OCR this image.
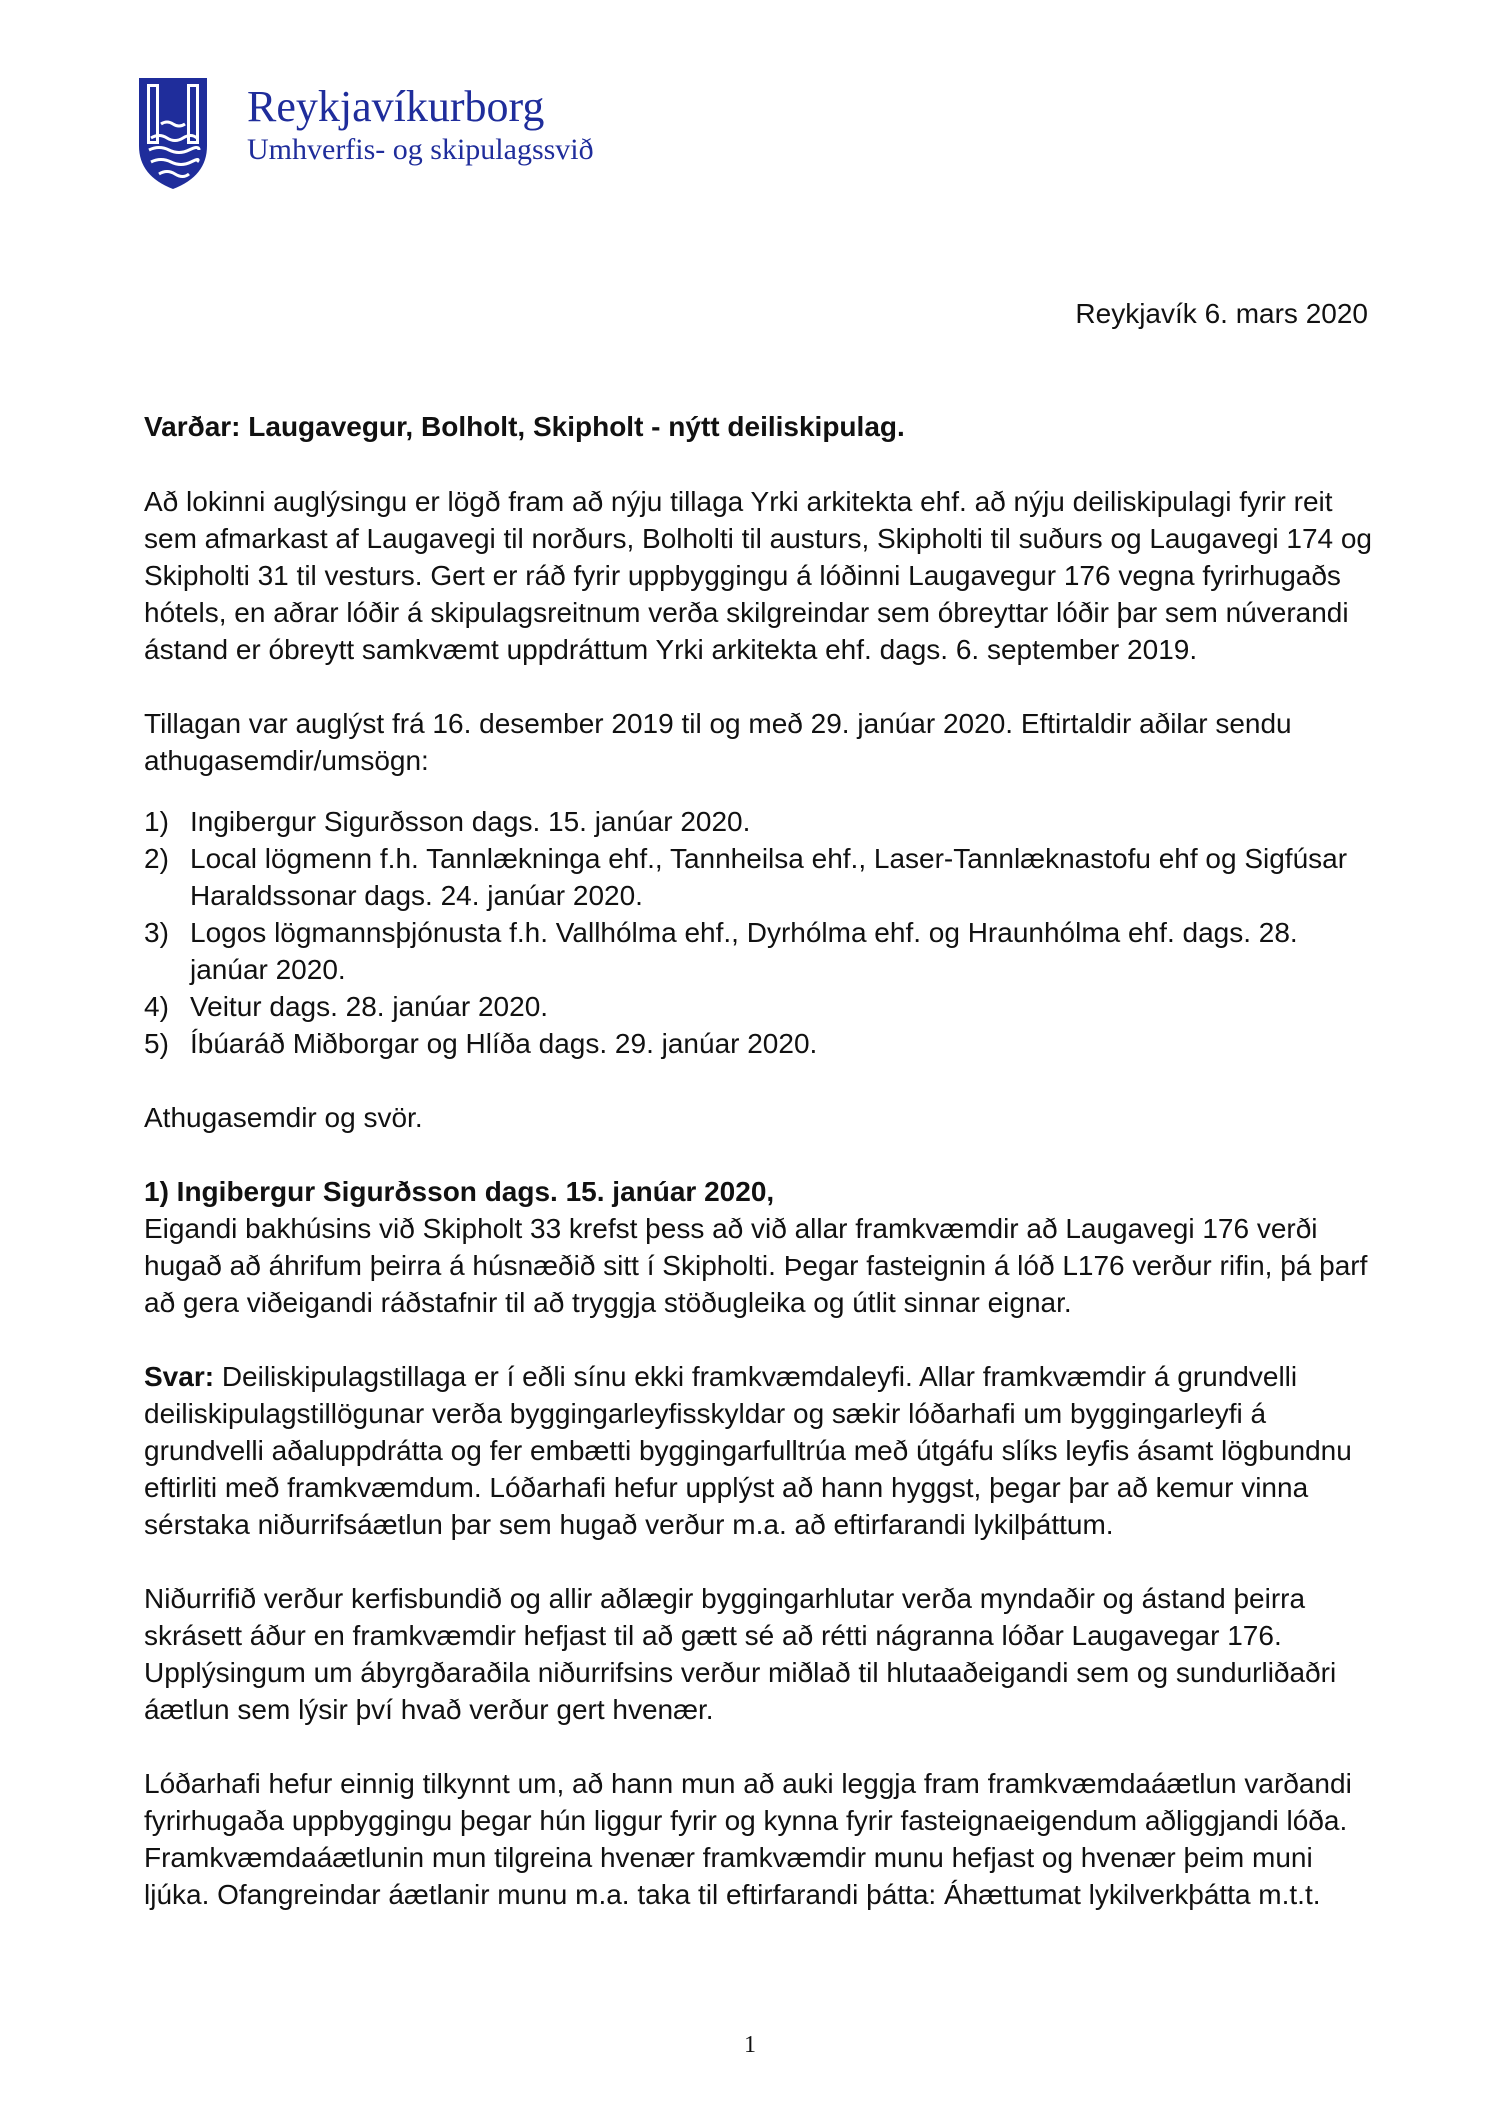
Reykjavíkurborg
Umhverfis- og skipulagssvið
Reykjavík 6. mars 2020

Varðar: Laugavegur, Bolholt, Skipholt - nýtt deiliskipulag.

Að lokinni auglýsingu er lögð fram að nýju tillaga Yrki arkitekta ehf. að nýju deiliskipulagi fyrir reit sem afmarkast af Laugavegi til norðurs, Bolholti til austurs, Skipholti til suðurs og Laugavegi 174 og Skipholti 31 til vesturs. Gert er ráð fyrir uppbyggingu á lóðinni Laugavegur 176 vegna fyrirhugaðs hótels, en aðrar lóðir á skipulagsreitnum verða skilgreindar sem óbreyttar lóðir þar sem núverandi ástand er óbreytt samkvæmt uppdráttum Yrki arkitekta ehf. dags. 6. september 2019.

Tillagan var auglýst frá 16. desember 2019 til og með 29. janúar 2020. Eftirtaldir aðilar sendu athugasemdir/umsögn:

1) Ingibergur Sigurðsson dags. 15. janúar 2020.
2) Local lögmenn f.h. Tannlækninga ehf., Tannheilsa ehf., Laser-Tannlæknastofu ehf og Sigfúsar Haraldssonar dags. 24. janúar 2020.
3) Logos lögmannsþjónusta f.h. Vallhólma ehf., Dyrhólma ehf. og Hraunhólma ehf. dags. 28. janúar 2020.
4) Veitur dags. 28. janúar 2020.
5) Íbúaráð Miðborgar og Hlíða dags. 29. janúar 2020.

Athugasemdir og svör.

1) Ingibergur Sigurðsson dags. 15. janúar 2020,

Eigandi bakhúsins við Skipholt 33 krefst þess að við allar framkvæmdir að Laugavegi 176 verði hugað að áhrifum þeirra á húsnæðið sitt í Skipholti. Þegar fasteignin á lóð L176 verður rifin, þá þarf að gera viðeigandi ráðstafnir til að tryggja stöðugleika og útlit sinnar eignar.

Svar: Deiliskipulagstillaga er í eðli sínu ekki framkvæmdaleyfi. Allar framkvæmdir á grundvelli deiliskipulagstillögunar verða byggingarleyfisskyldar og sækir lóðarhafi um byggingarleyfi á grundvelli aðaluppdrátta og fer embætti byggingarfulltrúa með útgáfu slíks leyfis ásamt lögbundnu eftirliti með framkvæmdum. Lóðarhafi hefur upplýst að hann hyggst, þegar þar að kemur vinna sérstaka niðurrifsáætlun þar sem hugað verður m.a. að eftirfarandi lykilþáttum.

Niðurrifið verður kerfisbundið og allir aðlægir byggingarhlutar verða myndaðir og ástand þeirra skrásett áður en framkvæmdir hefjast til að gætt sé að rétti nágranna lóðar Laugavegar 176. Upplýsingum um ábyrgðaraðila niðurrifsins verður miðlað til hlutaaðeigandi sem og sundurliðaðri áætlun sem lýsir því hvað verður gert hvenær.

Lóðarhafi hefur einnig tilkynnt um, að hann mun að auki leggja fram framkvæmdaáætlun varðandi fyrirhugaða uppbyggingu þegar hún liggur fyrir og kynna fyrir fasteignaeigendum aðliggjandi lóða. Framkvæmdaáætlunin mun tilgreina hvenær framkvæmdir munu hefjast og hvenær þeim muni ljúka. Ofangreindar áætlanir munu m.a. taka til eftirfarandi þátta: Áhættumat lykilverkþátta m.t.t.

1
